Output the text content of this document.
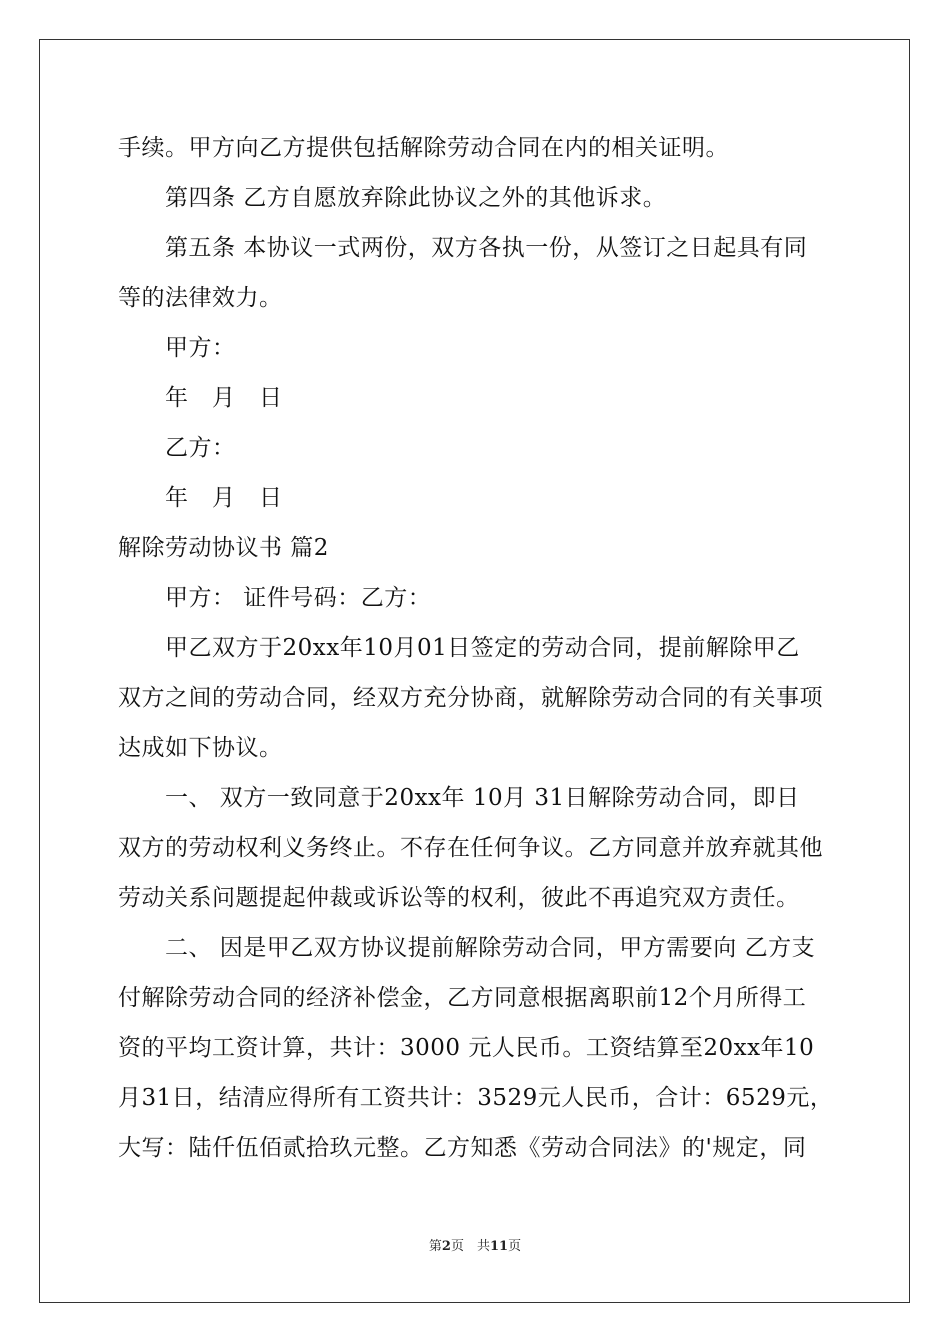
手续。甲方向乙方提供包括解除劳动合同在内的相关证明。
第四条 乙方自愿放弃除此协议之外的其他诉求。
第五条 本协议一式两份，双方各执一份，从签订之日起具有同
等的法律效力。
甲方：
年　月　日
乙方：
年　月　日
解除劳动协议书 篇2
甲方： 证件号码：乙方：
甲乙双方于20xx年10月01日签定的劳动合同，提前解除甲乙
双方之间的劳动合同，经双方充分协商，就解除劳动合同的有关事项
达成如下协议。
一、 双方一致同意于20xx年 10月 31日解除劳动合同，即日
双方的劳动权利义务终止。不存在任何争议。乙方同意并放弃就其他
劳动关系问题提起仲裁或诉讼等的权利，彼此不再追究双方责任。
二、 因是甲乙双方协议提前解除劳动合同，甲方需要向 乙方支
付解除劳动合同的经济补偿金，乙方同意根据离职前12个月所得工
资的平均工资计算，共计：3000 元人民币。工资结算至20xx年10
月31日，结清应得所有工资共计：3529元人民币，合计：6529元，
大写：陆仟伍佰贰拾玖元整。乙方知悉《劳动合同法》的'规定，同
第2页　共11页
